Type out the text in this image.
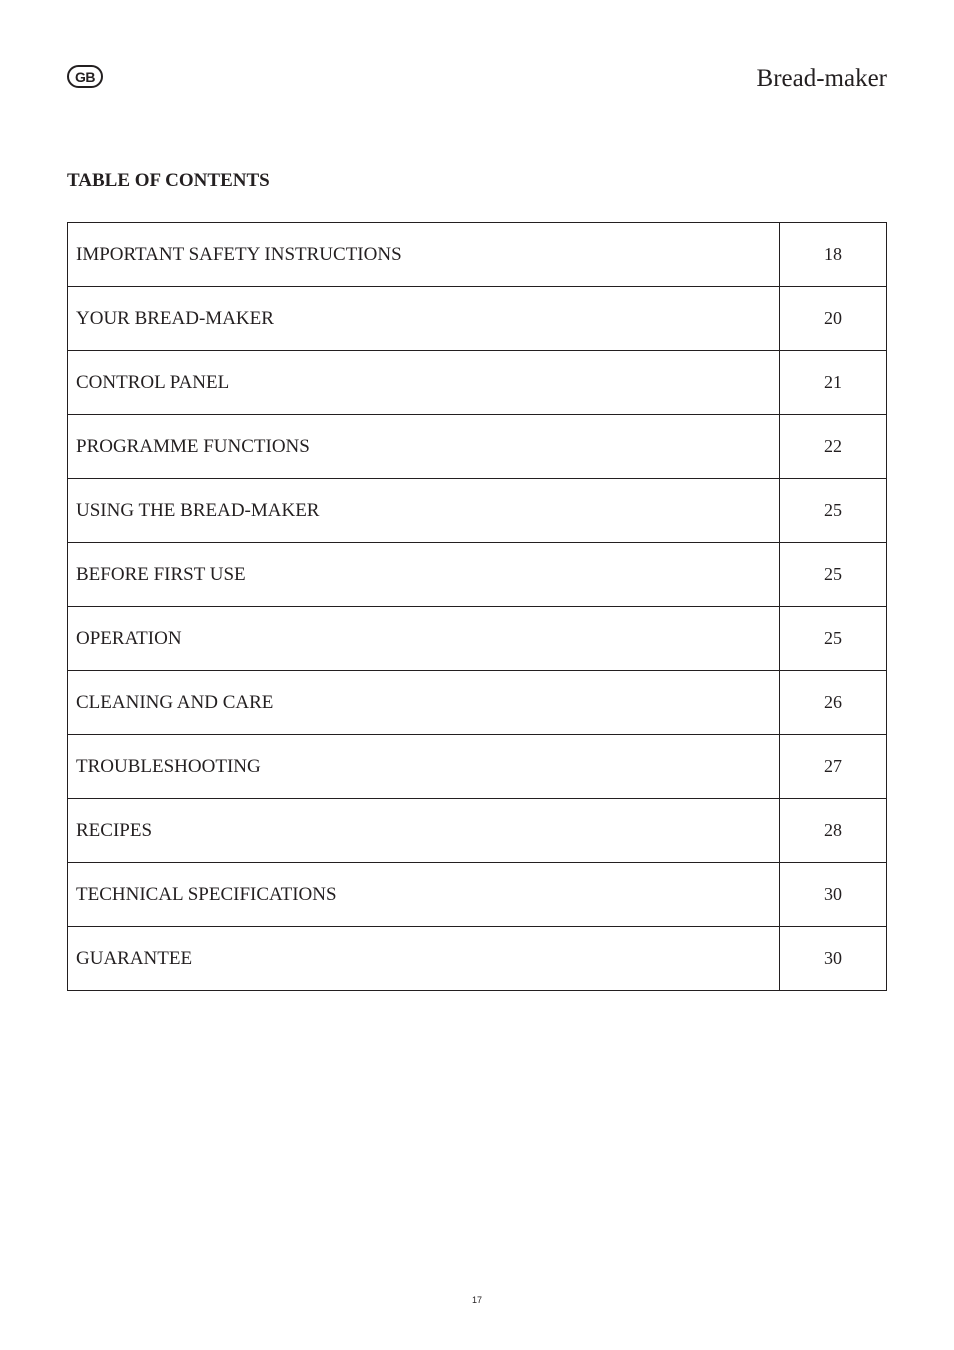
GB	Bread-maker
TABLE OF CONTENTS
IMPORTANT SAFETY INSTRUCTIONS	18
YOUR BREAD-MAKER	20
CONTROL PANEL	21
PROGRAMME FUNCTIONS	22
USING THE BREAD-MAKER	25
BEFORE FIRST USE	25
OPERATION	25
CLEANING AND CARE	26
TROUBLESHOOTING	27
RECIPES	28
TECHNICAL SPECIFICATIONS	30
GUARANTEE	30
17
